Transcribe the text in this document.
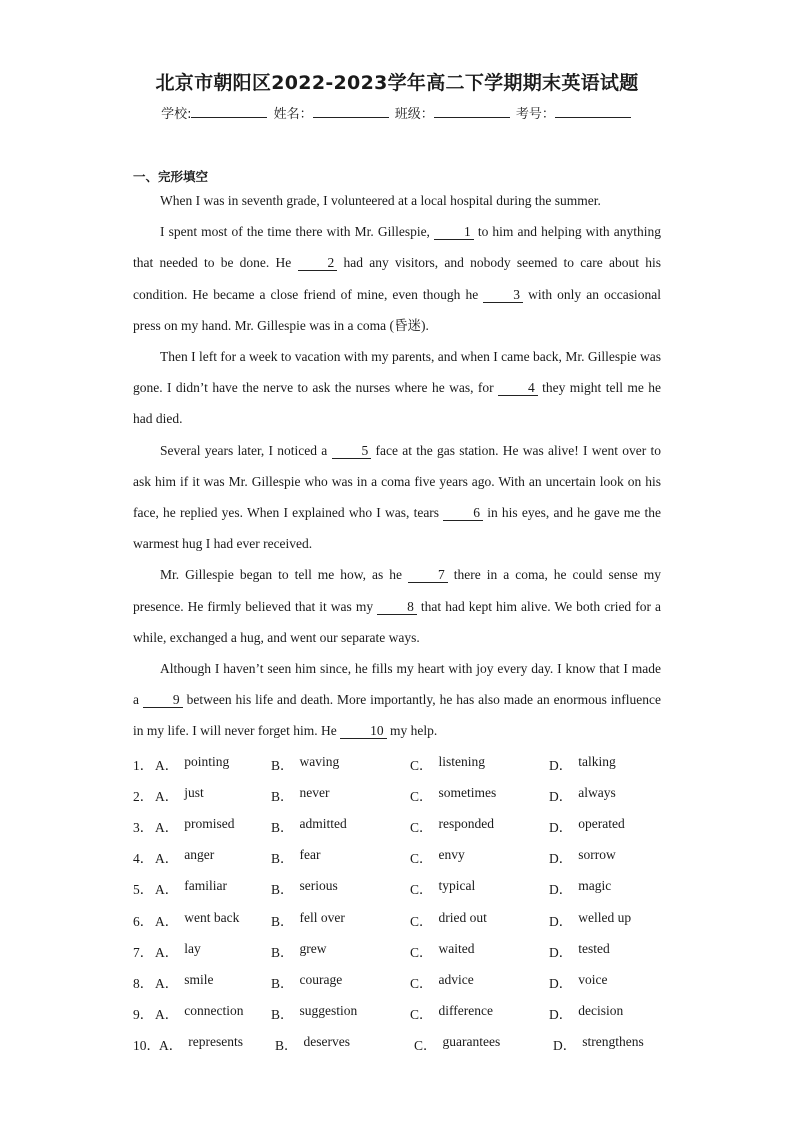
北京市朝阳区2022-2023学年高二下学期期末英语试题
学校:	姓名：	班级：	考号：
一、完形填空

When I was in seventh grade, I volunteered at a local hospital during the summer.

I spent most of the time there with Mr. Gillespie, 1 to him and helping with anything that needed to be done. He 2 had any visitors, and nobody seemed to care about his condition. He became a close friend of mine, even though he 3 with only an occasional press on my hand. Mr. Gillespie was in a coma (昏迷).

Then I left for a week to vacation with my parents, and when I came back, Mr. Gillespie was gone. I didn’t have the nerve to ask the nurses where he was, for 4 they might tell me he had died.

Several years later, I noticed a 5 face at the gas station. He was alive! I went over to ask him if it was Mr. Gillespie who was in a coma five years ago. With an uncertain look on his face, he replied yes. When I explained who I was, tears 6 in his eyes, and he gave me the warmest hug I had ever received.

Mr. Gillespie began to tell me how, as he 7 there in a coma, he could sense my presence. He firmly believed that it was my 8 that had kept him alive. We both cried for a while, exchanged a hug, and went our separate ways.

Although I haven’t seen him since, he fills my heart with joy every day. I know that I made a 9 between his life and death. More importantly, he has also made an enormous influence in my life. I will never forget him. He 10 my help.

1． A． pointing	B． waving	C． listening	D． talking
2． A． just	B． never	C． sometimes	D． always
3． A． promised	B． admitted	C． responded	D． operated
4． A． anger	B． fear	C． envy	D． sorrow
5． A． familiar	B． serious	C． typical	D． magic
6． A． went back B． fell over	C． dried out	D． welled up
7． A． lay	B． grew	C． waited	D． tested
8． A． smile	B． courage	C． advice	D． voice
9． A． connection B． suggestion	C． difference	D． decision
10． A． represents B． deserves	C． guarantees	D． strengthens
